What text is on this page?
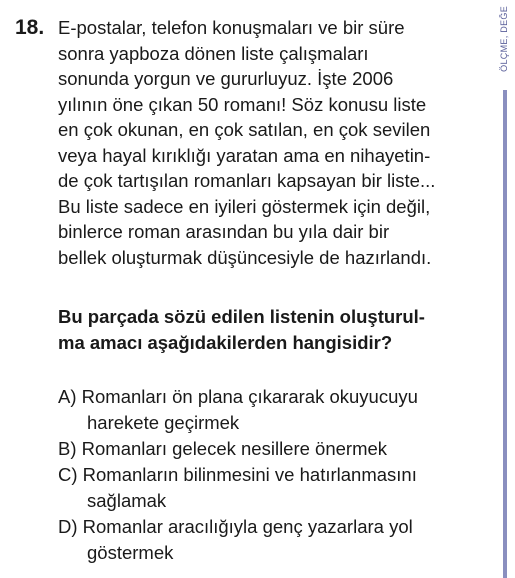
18. E-postalar, telefon konuşmaları ve bir süre
sonra yapboza dönen liste çalışmaları
sonunda yorgun ve gururluyuz. İşte 2006
yılının öne çıkan 50 romanı! Söz konusu liste
en çok okunan, en çok satılan, en çok sevilen
veya hayal kırıklığı yaratan ama en nihayetin-
de çok tartışılan romanları kapsayan bir liste...
Bu liste sadece en iyileri göstermek için değil,
binlerce roman arasından bu yıla dair bir
bellek oluşturmak düşüncesiyle de hazırlandı.
Bu parçada sözü edilen listenin oluşturul-
ma amacı aşağıdakilerden hangisidir?
A) Romanları ön plana çıkararak okuyucuyu
harekete geçirmek
B) Romanları gelecek nesillere önermek
C) Romanların bilinmesini ve hatırlanmasını
sağlamak
D) Romanlar aracılığıyla genç yazarlara yol
göstermek
ÖLÇME, DEĞE
